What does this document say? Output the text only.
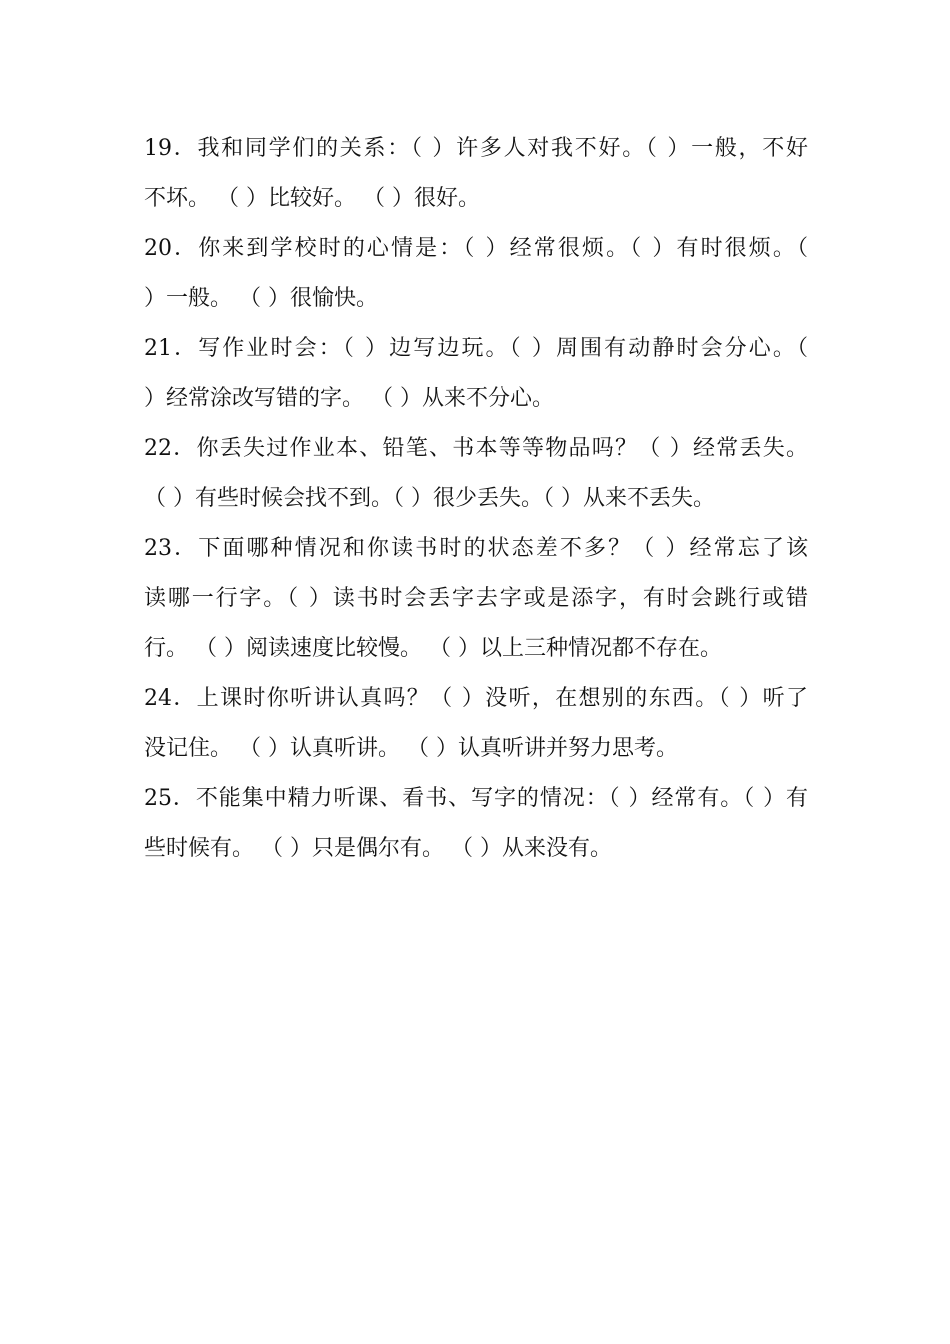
19．我和同学们的关系：（ ）许多人对我不好。（ ）一般，不好
不坏。 （ ）比较好。 （ ）很好。
20．你来到学校时的心情是：（ ）经常很烦。（ ）有时很烦。（
）一般。 （ ）很愉快。
21．写作业时会：（ ）边写边玩。（ ）周围有动静时会分心。（
）经常涂改写错的字。 （ ）从来不分心。
22．你丢失过作业本、铅笔、书本等等物品吗？（ ）经常丢失。
（ ）有些时候会找不到。（ ）很少丢失。（ ）从来不丢失。
23．下面哪种情况和你读书时的状态差不多？（ ）经常忘了该
读哪一行字。（ ）读书时会丢字去字或是添字，有时会跳行或错
行。 （ ）阅读速度比较慢。 （ ）以上三种情况都不存在。
24．上课时你听讲认真吗？（ ）没听，在想别的东西。（ ）听了
没记住。 （ ）认真听讲。 （ ）认真听讲并努力思考。
25．不能集中精力听课、看书、写字的情况：（ ）经常有。（ ）有
些时候有。 （ ）只是偶尔有。 （ ）从来没有。
